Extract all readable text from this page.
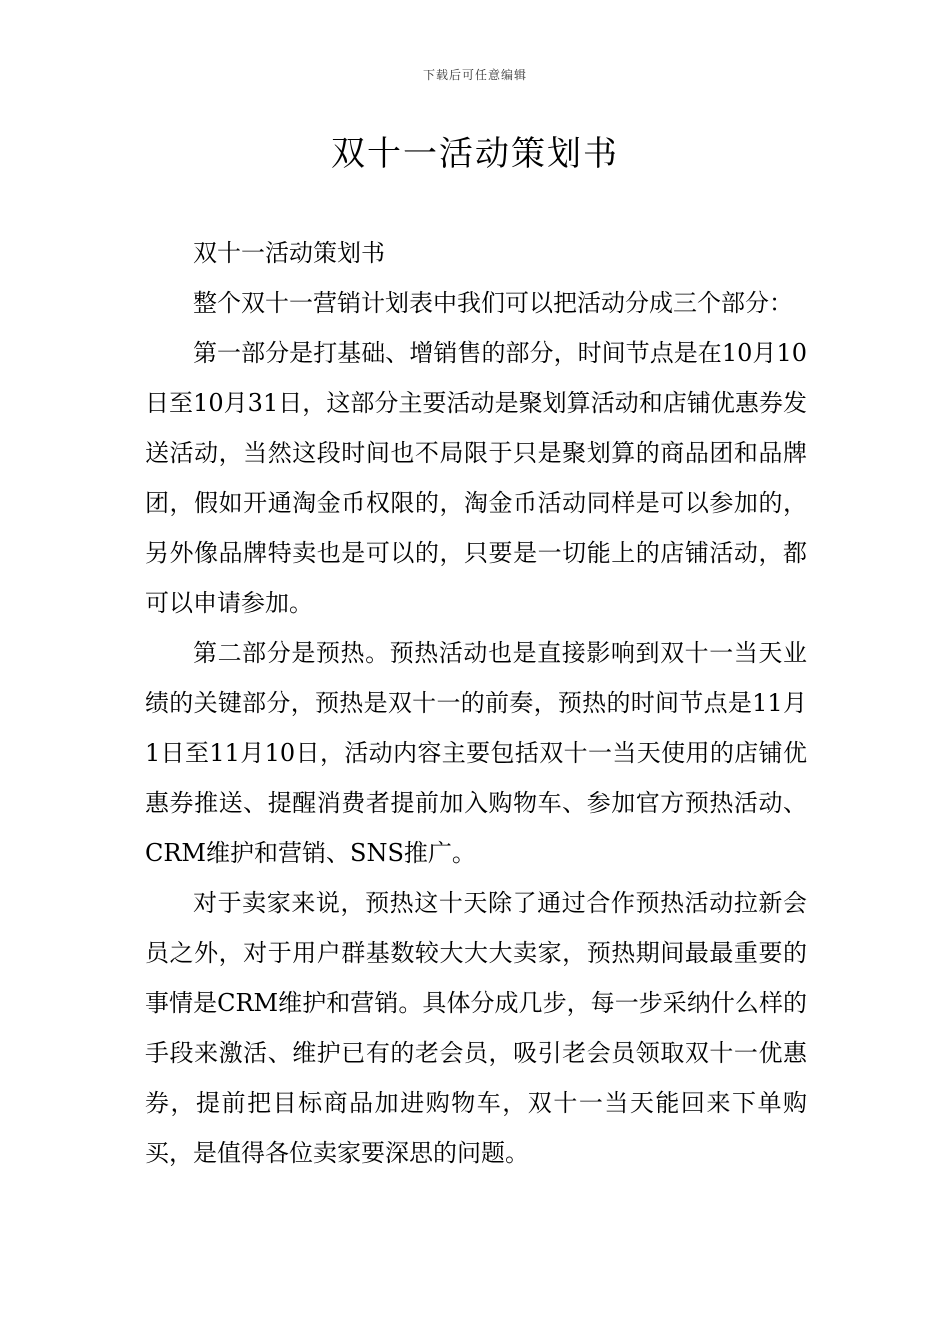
下载后可任意编辑
双十一活动策划书

双十一活动策划书

整个双十一营销计划表中我们可以把活动分成三个部分：

第一部分是打基础、增销售的部分，时间节点是在10月10日至10月31日，这部分主要活动是聚划算活动和店铺优惠券发送活动，当然这段时间也不局限于只是聚划算的商品团和品牌团，假如开通淘金币权限的，淘金币活动同样是可以参加的，另外像品牌特卖也是可以的，只要是一切能上的店铺活动，都可以申请参加。

第二部分是预热。预热活动也是直接影响到双十一当天业绩的关键部分，预热是双十一的前奏，预热的时间节点是11月1日至11月10日，活动内容主要包括双十一当天使用的店铺优惠券推送、提醒消费者提前加入购物车、参加官方预热活动、CRM维护和营销、SNS推广。

对于卖家来说，预热这十天除了通过合作预热活动拉新会员之外，对于用户群基数较大大大卖家，预热期间最最重要的事情是CRM维护和营销。具体分成几步，每一步采纳什么样的手段来激活、维护已有的老会员，吸引老会员领取双十一优惠券，提前把目标商品加进购物车，双十一当天能回来下单购买，是值得各位卖家要深思的问题。
